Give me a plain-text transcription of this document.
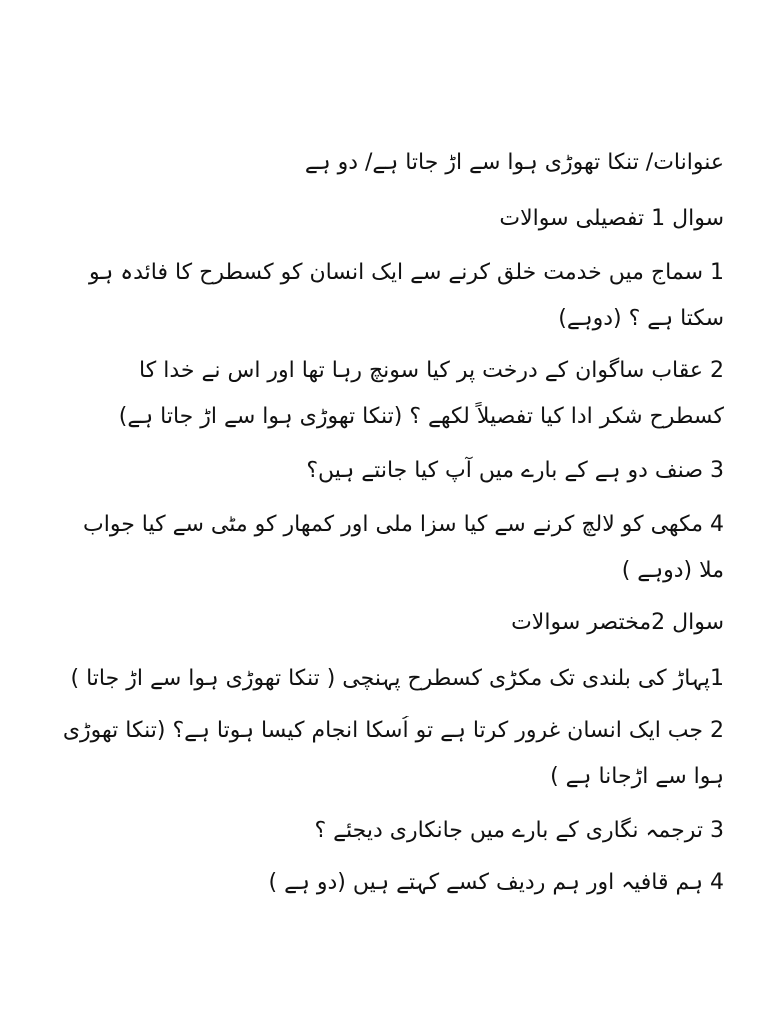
عنوانات/ تنکا تھوڑی ہوا سے اڑ جاتا ہے/ دو ہے
سوال 1 تفصیلی سوالات
1 سماج میں خدمت خلق کرنے سے ایک انسان کو کسطرح کا فائدہ ہو
سکتا ہے ؟ (دوہے)
2 عقاب ساگوان کے درخت پر کیا سونچ رہا تھا اور اس نے خدا کا
کسطرح شکر ادا کیا تفصیلاً لکھے ؟ (تنکا تھوڑی ہوا سے اڑ جاتا ہے)
3 صنف دو ہے کے بارے میں آپ کیا جانتے ہیں؟
4 مکھی کو لالچ کرنے سے کیا سزا ملی اور کمھار کو مٹی سے کیا جواب
ملا (دوہے )
سوال 2مختصر سوالات
1پہاڑ کی بلندی تک مکڑی کسطرح پہنچی ( تنکا تھوڑی ہوا سے اڑ جاتا )
2 جب ایک انسان غرور کرتا ہے تو اُسکا انجام کیسا ہوتا ہے؟ (تنکا تھوڑی
ہوا سے اڑجانا ہے )
3 ترجمہ نگاری کے بارے میں جانکاری دیجئے ؟
4 ہم قافیہ اور ہم ردیف کسے کہتے ہیں (دو ہے )
